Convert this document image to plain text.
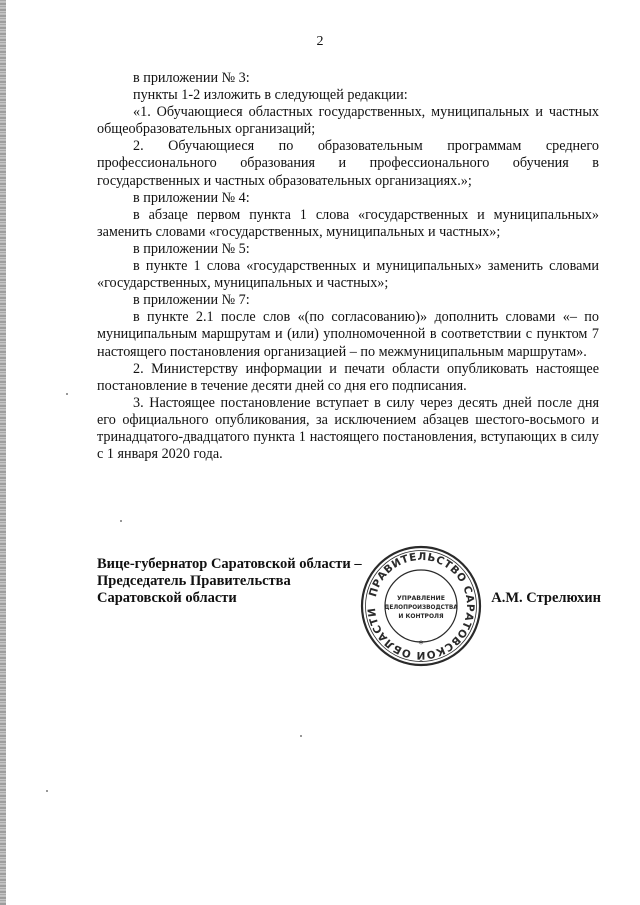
2

в приложении № 3:

пункты 1-2 изложить в следующей редакции:

«1. Обучающиеся областных государственных, муниципальных и частных общеобразовательных организаций;

2. Обучающиеся по образовательным программам среднего профессионального образования и профессионального обучения в государственных и частных образовательных организациях.»;

в приложении № 4:

в абзаце первом пункта 1 слова «государственных и муниципальных» заменить словами «государственных, муниципальных и частных»;

в приложении № 5:

в пункте 1 слова «государственных и муниципальных» заменить словами «государственных, муниципальных и частных»;

в приложении № 7:

в пункте 2.1 после слов «(по согласованию)» дополнить словами «– по муниципальным маршрутам и (или) уполномоченной в соответствии с пунктом 7 настоящего постановления организацией – по межмуниципальным маршрутам».

2. Министерству информации и печати области опубликовать настоящее постановление в течение десяти дней со дня его подписания.

3. Настоящее постановление вступает в силу через десять дней после дня его официального опубликования, за исключением абзацев шестого-восьмого и тринадцатого-двадцатого пункта 1 настоящего постановления, вступающих в силу с 1 января 2020 года.

Вице-губернатор Саратовской области –
Председатель Правительства
Саратовской области	А.М. Стрелюхин
ПРАВИТЕЛЬСТВО САРАТОВСКОЙ ОБЛАСТИ
*
УПРАВЛЕНИЕ
ДЕЛОПРОИЗВОДСТВА
И КОНТРОЛЯ
